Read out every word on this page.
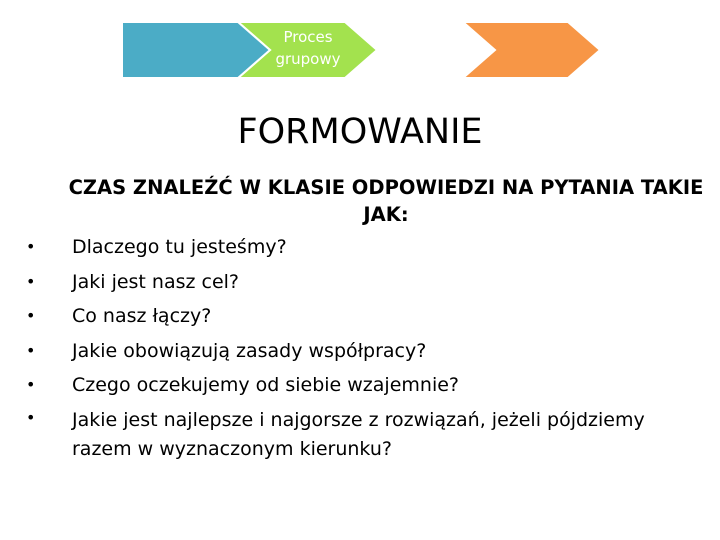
Proces
grupowy
FORMOWANIE

CZAS ZNALEŹĆ W KLASIE ODPOWIEDZI NA PYTANIA TAKIE JAK:

• Dlaczego tu jesteśmy?
• Jaki jest nasz cel?
• Co nasz łączy?
• Jakie obowiązują zasady współpracy?
• Czego oczekujemy od siebie wzajemnie?
• Jakie jest najlepsze i najgorsze z rozwiązań, jeżeli pójdziemy razem w wyznaczonym kierunku?
